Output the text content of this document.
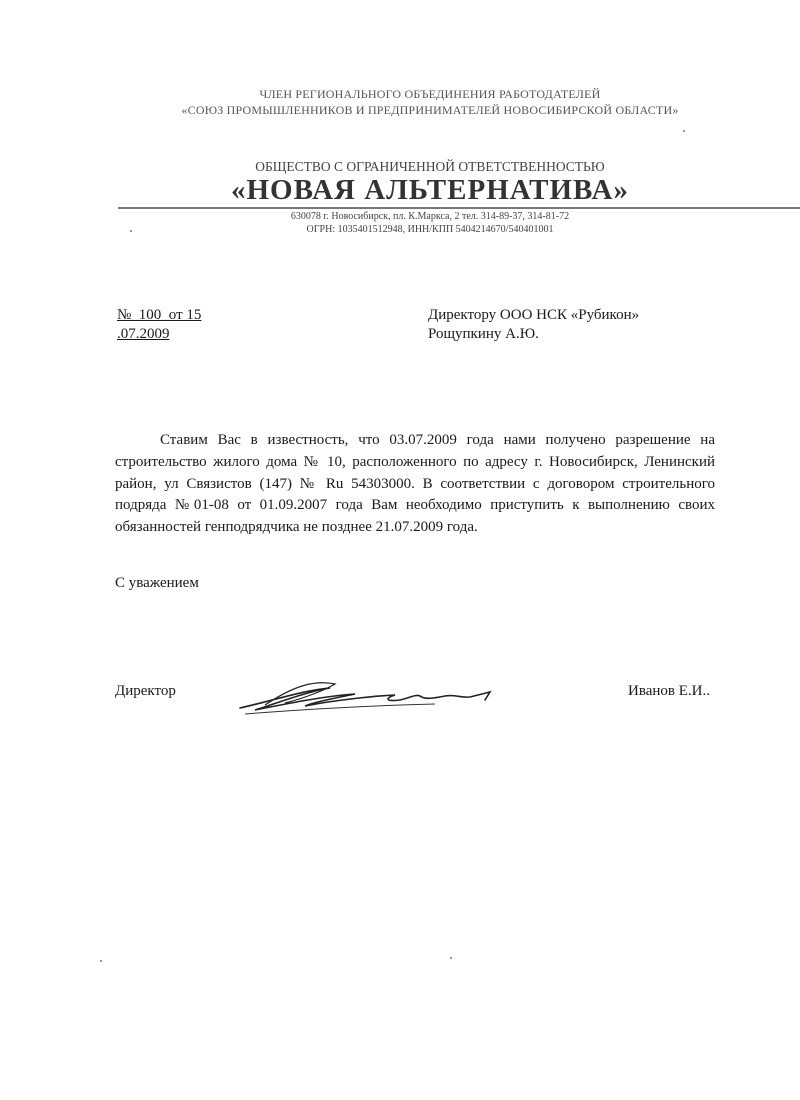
ЧЛЕН РЕГИОНАЛЬНОГО ОБЪЕДИНЕНИЯ РАБОТОДАТЕЛЕЙ
«СОЮЗ ПРОМЫШЛЕННИКОВ И ПРЕДПРИНИМАТЕЛЕЙ НОВОСИБИРСКОЙ ОБЛАСТИ»
ОБЩЕСТВО С ОГРАНИЧЕННОЙ ОТВЕТСТВЕННОСТЬЮ
«НОВАЯ АЛЬТЕРНАТИВА»
630078 г. Новосибирск, пл. К.Маркса, 2 тел. 314-89-37, 314-81-72
ОГРН: 1035401512948, ИНН/КПП 5404214670/540401001
№_100_от 15
.07.2009
Директору ООО НСК «Рубикон»
Рощупкину А.Ю.
Ставим Вас в известность, что 03.07.2009 года нами получено разрешение на строительство жилого дома № 10, расположенного по адресу г. Новосибирск, Ленинский район, ул Связистов (147) № Ru 54303000. В соответствии с договором строительного подряда №01-08 от 01.09.2007 года Вам необходимо приступить к выполнению своих обязанностей генподрядчика не позднее 21.07.2009 года.
С уважением
Директор	Иванов Е.И..
